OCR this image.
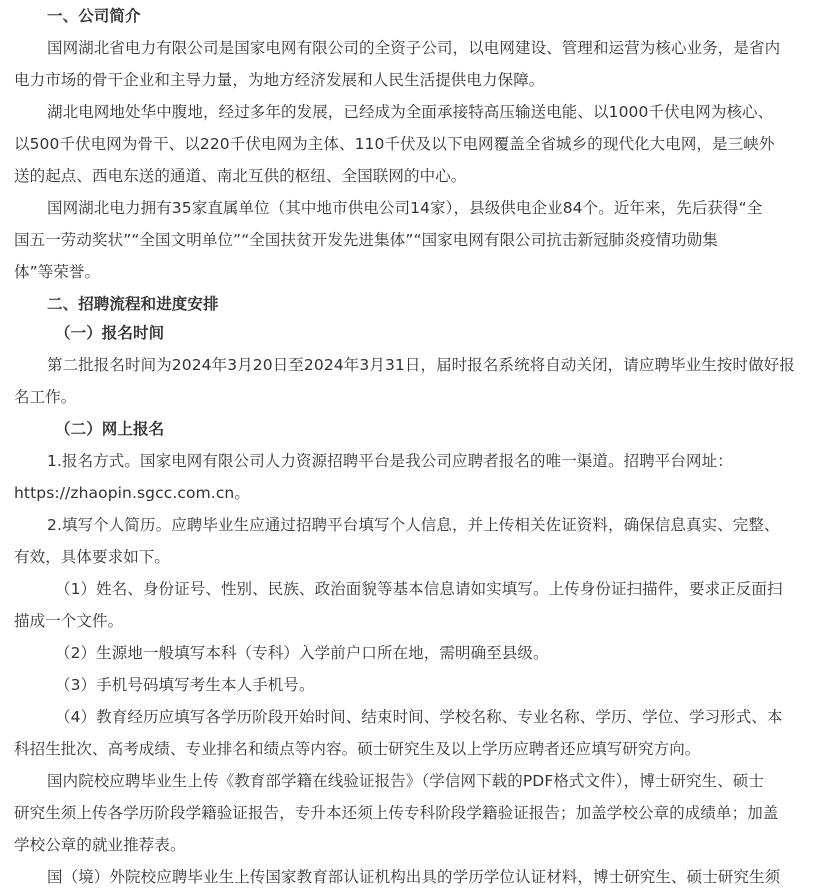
一、公司简介
国网湖北省电力有限公司是国家电网有限公司的全资子公司，以电网建设、管理和运营为核心业务，是省内
电力市场的骨干企业和主导力量，为地方经济发展和人民生活提供电力保障。
湖北电网地处华中腹地，经过多年的发展，已经成为全面承接特高压输送电能、以1000千伏电网为核心、
以500千伏电网为骨干、以220千伏电网为主体、110千伏及以下电网覆盖全省城乡的现代化大电网，是三峡外
送的起点、西电东送的通道、南北互供的枢纽、全国联网的中心。
国网湖北电力拥有35家直属单位（其中地市供电公司14家），县级供电企业84个。近年来，先后获得“全
国五一劳动奖状”“全国文明单位”“全国扶贫开发先进集体”“国家电网有限公司抗击新冠肺炎疫情功勋集
体”等荣誉。
二、招聘流程和进度安排
（一）报名时间
第二批报名时间为2024年3月20日至2024年3月31日，届时报名系统将自动关闭，请应聘毕业生按时做好报
名工作。
（二）网上报名
1.报名方式。国家电网有限公司人力资源招聘平台是我公司应聘者报名的唯一渠道。招聘平台网址：
https://zhaopin.sgcc.com.cn。
2.填写个人简历。应聘毕业生应通过招聘平台填写个人信息，并上传相关佐证资料，确保信息真实、完整、
有效，具体要求如下。
（1）姓名、身份证号、性别、民族、政治面貌等基本信息请如实填写。上传身份证扫描件，要求正反面扫
描成一个文件。
（2）生源地一般填写本科（专科）入学前户口所在地，需明确至县级。
（3）手机号码填写考生本人手机号。
（4）教育经历应填写各学历阶段开始时间、结束时间、学校名称、专业名称、学历、学位、学习形式、本
科招生批次、高考成绩、专业排名和绩点等内容。硕士研究生及以上学历应聘者还应填写研究方向。
国内院校应聘毕业生上传《教育部学籍在线验证报告》（学信网下载的PDF格式文件），博士研究生、硕士
研究生须上传各学历阶段学籍验证报告，专升本还须上传专科阶段学籍验证报告；加盖学校公章的成绩单；加盖
学校公章的就业推荐表。
国（境）外院校应聘毕业生上传国家教育部认证机构出具的学历学位认证材料，博士研究生、硕士研究生须
